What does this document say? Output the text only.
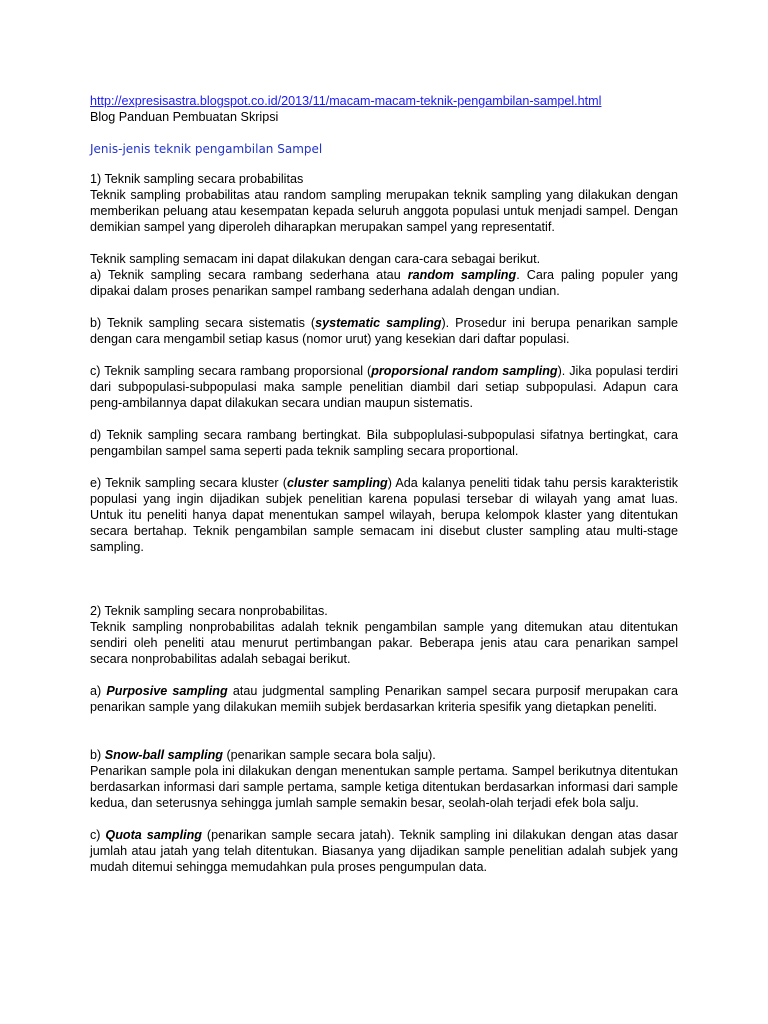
http://expresisastra.blogspot.co.id/2013/11/macam-macam-teknik-pengambilan-sampel.html
Blog Panduan Pembuatan Skripsi
Jenis-jenis teknik pengambilan Sampel
1) Teknik sampling secara probabilitas
Teknik sampling probabilitas atau random sampling merupakan teknik sampling yang dilakukan dengan memberikan peluang atau kesempatan kepada seluruh anggota populasi untuk menjadi sampel. Dengan demikian sampel yang diperoleh diharapkan merupakan sampel yang representatif.
Teknik sampling semacam ini dapat dilakukan dengan cara-cara sebagai berikut.
a) Teknik sampling secara rambang sederhana atau random sampling. Cara paling populer yang dipakai dalam proses penarikan sampel rambang sederhana adalah dengan undian.
b) Teknik sampling secara sistematis (systematic sampling). Prosedur ini berupa penarikan sample dengan cara mengambil setiap kasus (nomor urut) yang kesekian dari daftar populasi.
c) Teknik sampling secara rambang proporsional (proporsional random sampling). Jika populasi terdiri dari subpopulasi-subpopulasi maka sample penelitian diambil dari setiap subpopulasi. Adapun cara peng-ambilannya dapat dilakukan secara undian maupun sistematis.
d) Teknik sampling secara rambang bertingkat. Bila subpoplulasi-subpopulasi sifatnya bertingkat, cara pengambilan sampel sama seperti pada teknik sampling secara proportional.
e) Teknik sampling secara kluster (cluster sampling) Ada kalanya peneliti tidak tahu persis karakteristik populasi yang ingin dijadikan subjek penelitian karena populasi tersebar di wilayah yang amat luas. Untuk itu peneliti hanya dapat menentukan sampel wilayah, berupa kelompok klaster yang ditentukan secara bertahap. Teknik pengambilan sample semacam ini disebut cluster sampling atau multi-stage sampling.
2) Teknik sampling secara nonprobabilitas.
Teknik sampling nonprobabilitas adalah teknik pengambilan sample yang ditemukan atau ditentukan sendiri oleh peneliti atau menurut pertimbangan pakar. Beberapa jenis atau cara penarikan sampel secara nonprobabilitas adalah sebagai berikut.
a) Purposive sampling atau judgmental sampling Penarikan sampel secara purposif merupakan cara penarikan sample yang dilakukan memiih subjek berdasarkan kriteria spesifik yang dietapkan peneliti.
b) Snow-ball sampling (penarikan sample secara bola salju).
Penarikan sample pola ini dilakukan dengan menentukan sample pertama. Sampel berikutnya ditentukan berdasarkan informasi dari sample pertama, sample ketiga ditentukan berdasarkan informasi dari sample kedua, dan seterusnya sehingga jumlah sample semakin besar, seolah-olah terjadi efek bola salju.
c) Quota sampling (penarikan sample secara jatah). Teknik sampling ini dilakukan dengan atas dasar jumlah atau jatah yang telah ditentukan. Biasanya yang dijadikan sample penelitian adalah subjek yang mudah ditemui sehingga memudahkan pula proses pengumpulan data.
